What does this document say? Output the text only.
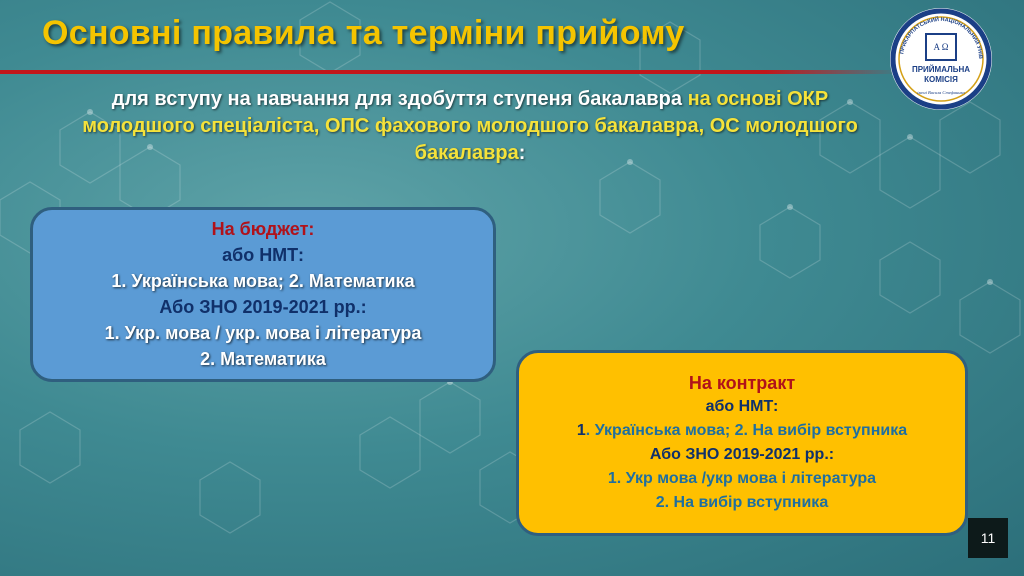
Основні правила та терміни прийому
ПРИКАРПАТСЬКИЙ НАЦІОНАЛЬНИЙ УНІВ
Α Ω
ПРИЙМАЛЬНА
КОМІСІЯ
імені Василя Стефаника
для вступу на навчання для здобуття ступеня бакалавра на основі ОКР молодшого спеціаліста, ОПС фахового молодшого бакалавра, ОС молодшого бакалавра:
На бюджет:
або НМТ:
1. Українська мова; 2. Математика
Або ЗНО 2019-2021 рр.:
1. Укр. мова / укр. мова і література
2. Математика
На контракт
або НМТ:
1. Українська мова; 2. На вибір вступника
Або ЗНО 2019-2021 рр.:
1. Укр мова /укр мова і література
2. На вибір вступника
11
